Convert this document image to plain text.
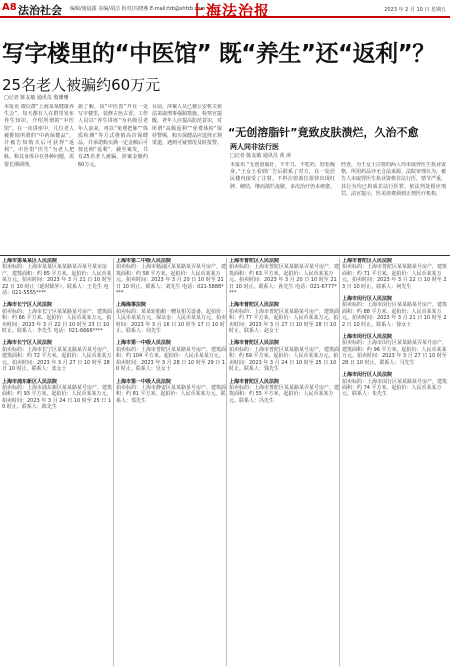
A8 法治社会 编辑/施晨露 美编/胡洁 校对/冯晓燕 E-mail:fzb@shfzb.com
上海法治报	2023 年 2 月 10 日 星期五
写字楼里的“中医馆” 既“养生”还“返利”？
25名老人被骗约60万元
□记者 陈友敏 通讯员 殷珊珊
本报讯 微信群“上海某某健康养生会”，每天都有人在群里发布养生知识，介绍所谓的“中医馆”。在一次讲座中，几位老人被推销所谓的“中药保健品”，并被告知购买后可获得“返利”。中医馆“医生”为老人把脉，称其身体存在各种问题，需要长期调理。
据了解，该“中医馆”开在一处写字楼里，装修古色古香。工作人员以“养生讲座”为名吸引老年人前来，再以“免费把脉”“体质检测”等方式推销高价保健品，并承诺购买满一定金额后可按比例“返利”。截至案发，共有25名老人被骗，涉案金额约60万元。
目前，涉案人员已被公安机关依法采取刑事强制措施。检察官提醒，老年人应提高防范意识，对所谓“高额返利”“免费体检”保持警惕，购买保健品应选择正规渠道，遇到可疑情况及时报警。
“无创溶脂针”竟致皮肤溃烂，久治不愈
两人同非法行医
□记者 陈友敏 通讯员 黄 涛
本报讯 “无创溶脂针，不开刀、不吃药，轻松瘦身。”王女士看到广告后联系了对方，在一处居民楼内接受了注射。不料注射部位很快出现红肿、硬结，继而溃烂流脓，多次治疗仍未痊愈。
经查，为王女士注射的两人均未取得医生执业资格，所用药品亦无合法来源。法院审理认为，被告人未取得医生执业资格非法行医，情节严重，其行为均已构成非法行医罪，依法判处相应刑罚。法官提示，医美消费须到正规医疗机构。
上海市第某某区人民法院
拍卖标的：上海市某某区某某路某弄某号某室房产，建筑面积：约 85 平方米。起拍价：人民币某某万元。拍卖时间：2023 年 3 月 21 日 10 时至 22 日 10 时止（延时除外）。联系人：王先生 电话：021-5555****
上海市长宁区人民法院
拍卖标的：上海市长宁区某某路某号房产，建筑面积：约 66 平方米。起拍价：人民币某某万元。拍卖时间：2023 年 3 月 22 日 10 时至 23 日 10 时止。联系人：李先生 电话：021-6666****
上海市长宁区人民法院
拍卖标的：上海市长宁区某某支路某弄某号房产，建筑面积：约 72 平方米。起拍价：人民币某某万元。拍卖时间：2023 年 3 月 27 日 10 时至 28 日 10 时止。联系人：张女士
上海市浦东新区人民法院
拍卖标的：上海市浦东新区某某路某号房产，建筑面积：约 93 平方米。起拍价：人民币某某万元。拍卖时间：2023 年 3 月 24 日 10 时至 25 日 10 时止。联系人：陈先生
上海市第二中级人民法院
拍卖标的：上海市杨浦区某某路某弄某号房产，建筑面积：约 58 平方米。起拍价：人民币某某万元。拍卖时间：2023 年 3 月 20 日 10 时至 21 日 10 时止。联系人：刘先生 电话：021-5888****
上海海事法院
拍卖标的：某某轮船舶一艘及相关设备。起拍价：人民币某某万元。保证金：人民币某某万元。拍卖时间：2023 年 3 月 16 日 10 时至 17 日 10 时止。联系人：周先生
上海市第一中级人民法院
拍卖标的：上海市普陀区某某路某号房产，建筑面积：约 104 平方米。起拍价：人民币某某万元。拍卖时间：2023 年 3 月 28 日 10 时至 29 日 10 时止。联系人：吴女士
上海市第一中级人民法院
拍卖标的：上海市静安区某某路某号房产，建筑面积：约 81 平方米。起拍价：人民币某某万元。联系人：郑先生
上海市普陀区人民法院
拍卖标的：上海市普陀区某某路某弄某号房产，建筑面积：约 63 平方米。起拍价：人民币某某万元。拍卖时间：2023 年 3 月 20 日 10 时至 21 日 10 时止。联系人：孙先生 电话：021-6777****
上海市普陀区人民法院
拍卖标的：上海市普陀区某某路某号房产，建筑面积：约 77 平方米。起拍价：人民币某某万元。拍卖时间：2023 年 3 月 27 日 10 时至 28 日 10 时止。联系人：赵女士
上海市普陀区人民法院
拍卖标的：上海市普陀区某某路某号房产，建筑面积：约 69 平方米。起拍价：人民币某某万元。拍卖时间：2023 年 3 月 24 日 10 时至 25 日 10 时止。联系人：钱先生
上海市普陀区人民法院
拍卖标的：上海市普陀区某某路某弄某号房产，建筑面积：约 55 平方米。起拍价：人民币某某万元。联系人：冯先生
上海市普陀区人民法院
拍卖标的：上海市普陀区某某路某号房产，建筑面积：约 71 平方米。起拍价：人民币某某万元。拍卖时间：2023 年 3 月 22 日 10 时至 23 日 10 时止。联系人：何先生
上海市闵行区人民法院
拍卖标的：上海市闵行区某某路某号房产，建筑面积：约 88 平方米。起拍价：人民币某某万元。拍卖时间：2023 年 3 月 21 日 10 时至 22 日 10 时止。联系人：徐女士
上海市闵行区人民法院
拍卖标的：上海市闵行区某某路某弄某号房产，建筑面积：约 96 平方米。起拍价：人民币某某万元。拍卖时间：2023 年 3 月 27 日 10 时至 28 日 10 时止。联系人：马先生
上海市闵行区人民法院
拍卖标的：上海市闵行区某某路某号房产，建筑面积：约 74 平方米。起拍价：人民币某某万元。联系人：朱先生
